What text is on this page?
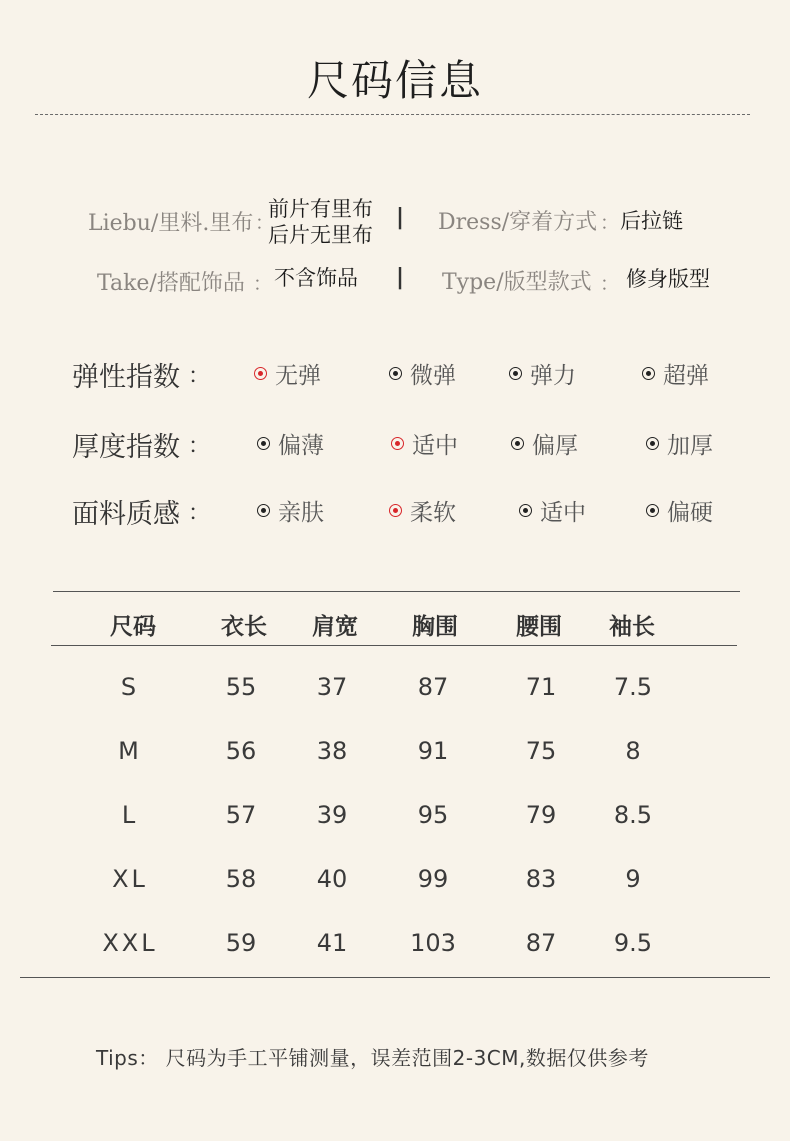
尺码信息
Liebu/里料.里布 ：
前片有里布
后片无里布
| Dress/穿着方式 ： 后拉链
Take/搭配饰品 ： 不含饰品 | Type/版型款式 ： 修身版型
弹性指数 ：	无弹	微弹	弹力	超弹
厚度指数 ：	偏薄	适中	偏厚	加厚
面料质感 ：	亲肤	柔软	适中	偏硬
尺码	衣长	肩宽	胸围	腰围	袖长
S	55	37	87	71	7.5
M	56	38	91	75	8
L	57	39	95	79	8.5
XL	58	40	99	83	9
XXL	59	41	103	87	9.5
Tips： 尺码为手工平铺测量，误差范围2-3CM,数据仅供参考
